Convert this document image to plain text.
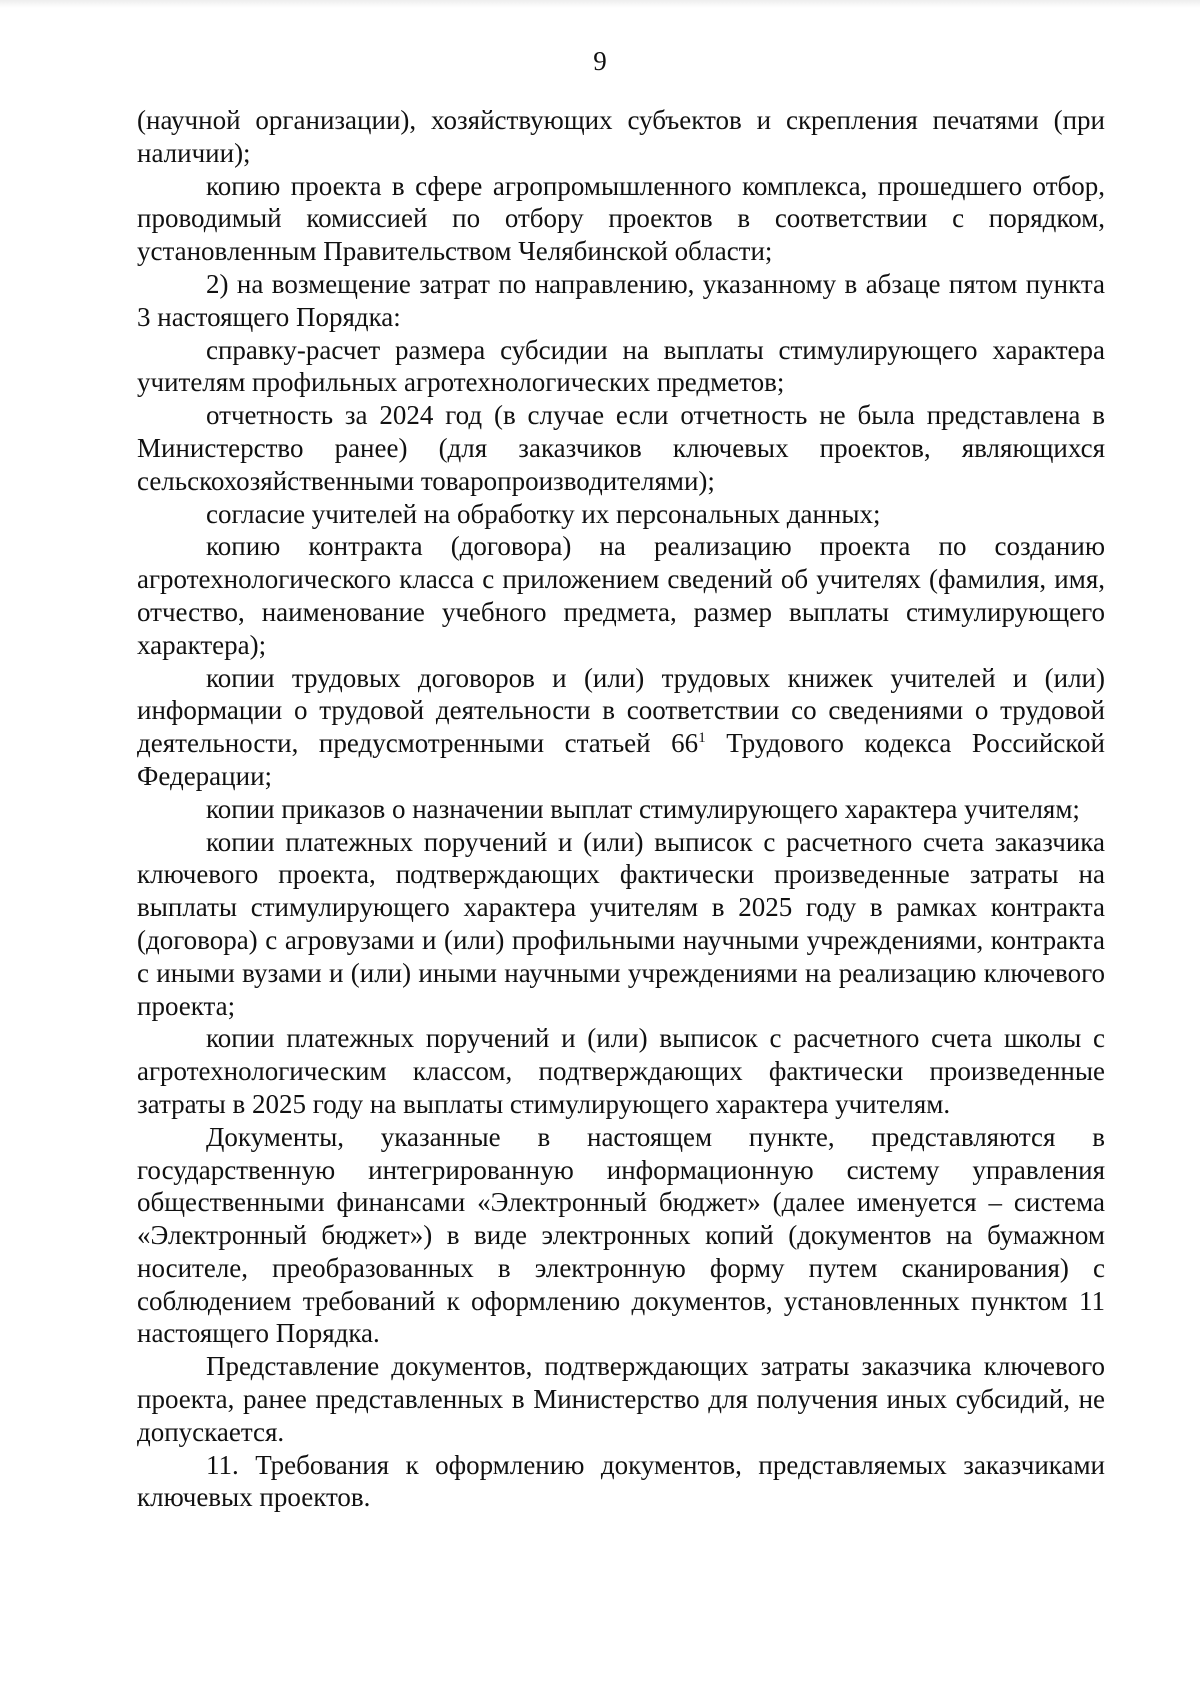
9

(научной организации), хозяйствующих субъектов и скрепления печатями (при наличии);

копию проекта в сфере агропромышленного комплекса, прошедшего отбор, проводимый комиссией по отбору проектов в соответствии с порядком, установленным Правительством Челябинской области;

2) на возмещение затрат по направлению, указанному в абзаце пятом пункта 3 настоящего Порядка:

справку-расчет размера субсидии на выплаты стимулирующего характера учителям профильных агротехнологических предметов;

отчетность за 2024 год (в случае если отчетность не была представлена в Министерство ранее) (для заказчиков ключевых проектов, являющихся сельскохозяйственными товаропроизводителями);

согласие учителей на обработку их персональных данных;

копию контракта (договора) на реализацию проекта по созданию агротехнологического класса с приложением сведений об учителях (фамилия, имя, отчество, наименование учебного предмета, размер выплаты стимулирующего характера);

копии трудовых договоров и (или) трудовых книжек учителей и (или) информации о трудовой деятельности в соответствии со сведениями о трудовой деятельности, предусмотренными статьей $66^1$ Трудового кодекса Российской Федерации;

копии приказов о назначении выплат стимулирующего характера учителям;

копии платежных поручений и (или) выписок с расчетного счета заказчика ключевого проекта, подтверждающих фактически произведенные затраты на выплаты стимулирующего характера учителям в 2025 году в рамках контракта (договора) с агровузами и (или) профильными научными учреждениями, контракта с иными вузами и (или) иными научными учреждениями на реализацию ключевого проекта;

копии платежных поручений и (или) выписок с расчетного счета школы с агротехнологическим классом, подтверждающих фактически произведенные затраты в 2025 году на выплаты стимулирующего характера учителям.

Документы, указанные в настоящем пункте, представляются в государственную интегрированную информационную систему управления общественными финансами «Электронный бюджет» (далее именуется – система «Электронный бюджет») в виде электронных копий (документов на бумажном носителе, преобразованных в электронную форму путем сканирования) с соблюдением требований к оформлению документов, установленных пунктом 11 настоящего Порядка.

Представление документов, подтверждающих затраты заказчика ключевого проекта, ранее представленных в Министерство для получения иных субсидий, не допускается.

11. Требования к оформлению документов, представляемых заказчиками ключевых проектов.
